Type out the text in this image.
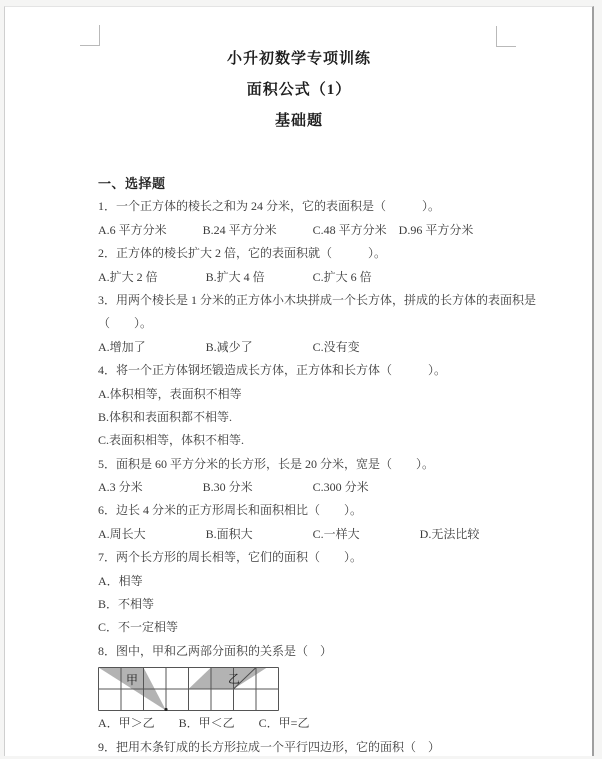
小升初数学专项训练
面积公式（1）
基础题

一、选择题

1．一个正方体的棱长之和为 24 分米，它的表面积是（　　　）。

A.6 平方分米　　　B.24 平方分米　　　C.48 平方分米　D.96 平方分米

2．正方体的棱长扩大 2 倍，它的表面积就（　　　）。

A.扩大 2 倍　　　　B.扩大 4 倍　　　　C.扩大 6 倍

3．用两个棱长是 1 分米的正方体小木块拼成一个长方体，拼成的长方体的表面积是

（　　）。

A.增加了　　　　　B.减少了　　　　　C.没有变

4．将一个正方体钢坯锻造成长方体，正方体和长方体（　　　）。

A.体积相等，表面积不相等

B.体积和表面积都不相等.

C.表面积相等，体积不相等.

5．面积是 60 平方分米的长方形，长是 20 分米，宽是（　　）。

A.3 分米　　　　　B.30 分米　　　　　C.300 分米

6．边长 4 分米的正方形周长和面积相比（　　）。

A.周长大　　　　　B.面积大　　　　　C.一样大　　　　　D.无法比较

7．两个长方形的周长相等，它们的面积（　　）。

A．相等

B．不相等

C．不一定相等

8．图中，甲和乙两部分面积的关系是（　）

甲	乙

A．甲＞乙　　B．甲＜乙　　C．甲=乙

9．把用木条钉成的长方形拉成一个平行四边形，它的面积（　）
